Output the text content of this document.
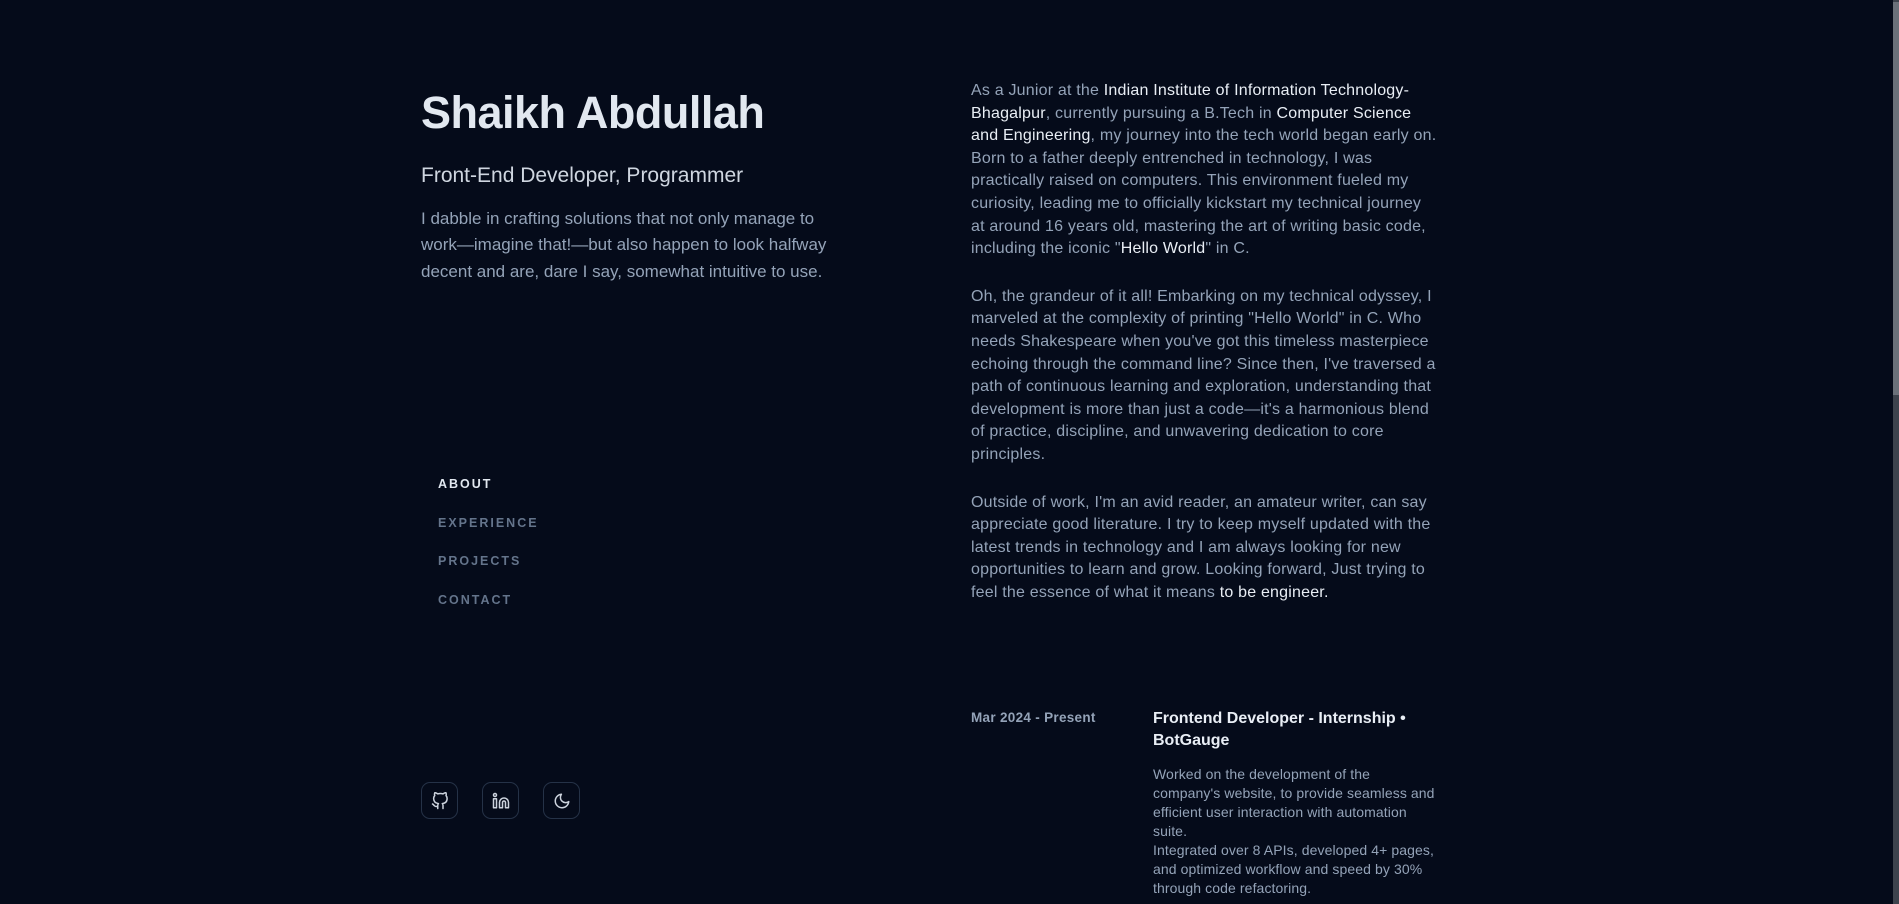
Shaikh Abdullah
Front-End Developer, Programmer

I dabble in crafting solutions that not only manage to work—imagine that!—but also happen to look halfway decent and are, dare I say, somewhat intuitive to use.

ABOUT
EXPERIENCE
PROJECTS
CONTACT

As a Junior at the Indian Institute of Information Technology-Bhagalpur, currently pursuing a B.Tech in Computer Science and Engineering, my journey into the tech world began early on. Born to a father deeply entrenched in technology, I was practically raised on computers. This environment fueled my curiosity, leading me to officially kickstart my technical journey at around 16 years old, mastering the art of writing basic code, including the iconic "Hello World" in C.

Oh, the grandeur of it all! Embarking on my technical odyssey, I marveled at the complexity of printing "Hello World" in C. Who needs Shakespeare when you've got this timeless masterpiece echoing through the command line? Since then, I've traversed a path of continuous learning and exploration, understanding that development is more than just a code—it's a harmonious blend of practice, discipline, and unwavering dedication to core principles.

Outside of work, I'm an avid reader, an amateur writer, can say appreciate good literature. I try to keep myself updated with the latest trends in technology and I am always looking for new opportunities to learn and grow. Looking forward, Just trying to feel the essence of what it means to be engineer.

Mar 2024 - Present	Frontend Developer - Internship • BotGauge

Worked on the development of the company's website, to provide seamless and efficient user interaction with automation suite.
Integrated over 8 APIs, developed 4+ pages, and optimized workflow and speed by 30% through code refactoring.
